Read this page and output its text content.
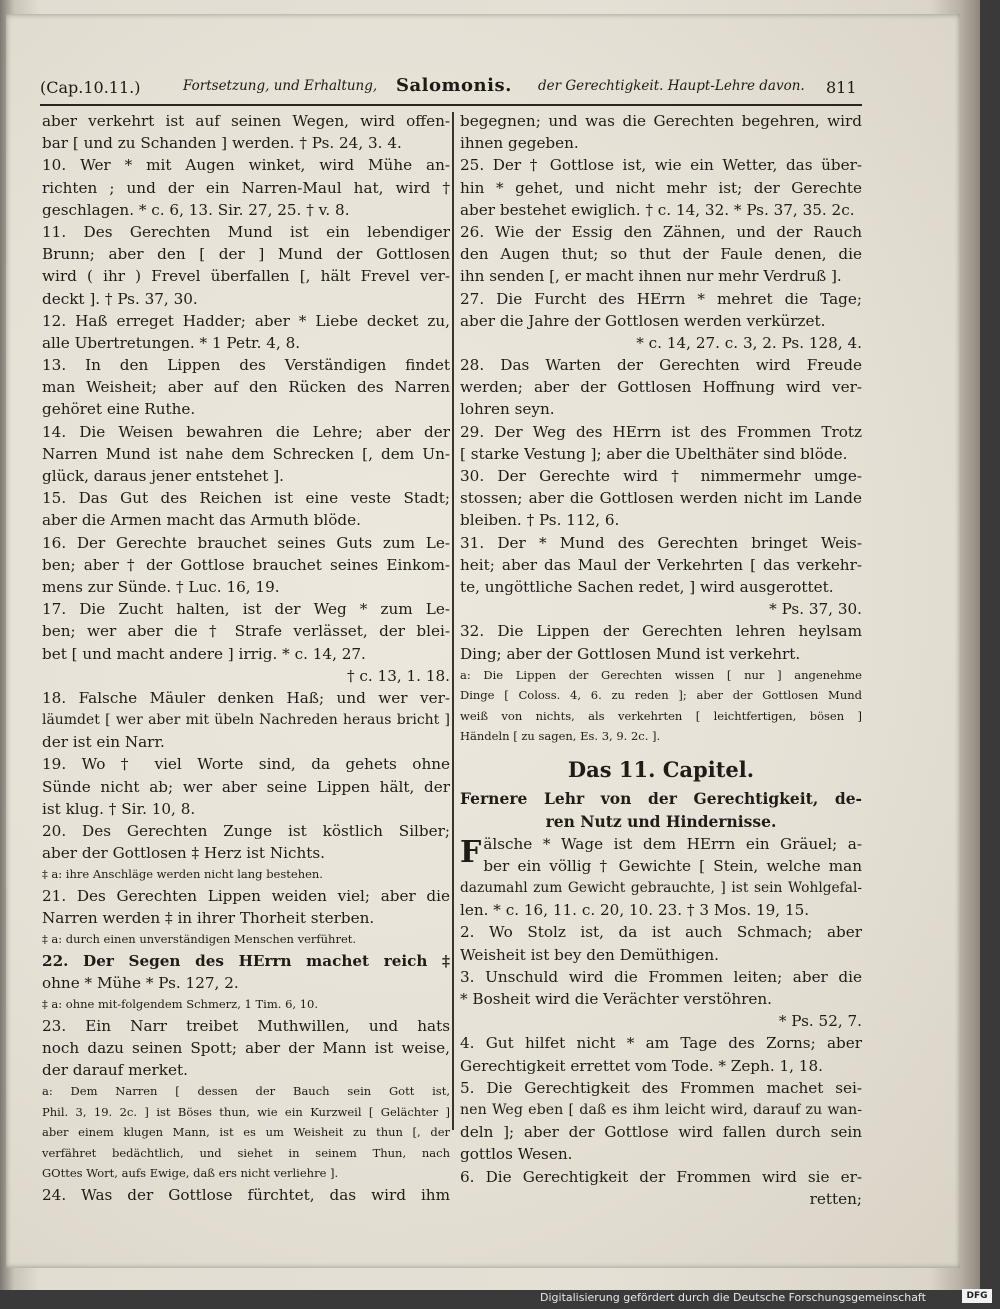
(Cap.10.11.)	Fortsetzung, und Erhaltung, Salomonis. der Gerechtigkeit. Haupt-Lehre davon. 811
aber verkehrt ist auf seinen Wegen, wird offen-
bar [ und zu Schanden ] werden. † Ps. 24, 3. 4.
10. Wer * mit Augen winket, wird Mühe an-
richten ; und der ein Narren-Maul hat, wird †
geschlagen. * c. 6, 13. Sir. 27, 25. † v. 8.
11. Des Gerechten Mund ist ein lebendiger
Brunn; aber den [ der ] Mund der Gottlosen
wird ( ihr ) Frevel überfallen [, hält Frevel ver-
deckt ]. † Ps. 37, 30.
12. Haß erreget Hadder; aber * Liebe decket zu,
alle Ubertretungen. * 1 Petr. 4, 8.
13. In den Lippen des Verständigen findet
man Weisheit; aber auf den Rücken des Narren
gehöret eine Ruthe.
14. Die Weisen bewahren die Lehre; aber der
Narren Mund ist nahe dem Schrecken [, dem Un-
glück, daraus jener entstehet ].
15. Das Gut des Reichen ist eine veste Stadt;
aber die Armen macht das Armuth blöde.
16. Der Gerechte brauchet seines Guts zum Le-
ben; aber † der Gottlose brauchet seines Einkom-
mens zur Sünde. † Luc. 16, 19.
17. Die Zucht halten, ist der Weg * zum Le-
ben; wer aber die † Strafe verlässet, der blei-
bet [ und macht andere ] irrig. * c. 14, 27.
† c. 13, 1. 18.
18. Falsche Mäuler denken Haß; und wer ver-
läumdet [ wer aber mit übeln Nachreden heraus bricht ]
der ist ein Narr.
19. Wo † viel Worte sind, da gehets ohne
Sünde nicht ab; wer aber seine Lippen hält, der
ist klug. † Sir. 10, 8.
20. Des Gerechten Zunge ist köstlich Silber;
aber der Gottlosen ‡ Herz ist Nichts.
‡ a: ihre Anschläge werden nicht lang bestehen.
21. Des Gerechten Lippen weiden viel; aber die
Narren werden ‡ in ihrer Thorheit sterben.
‡ a: durch einen unverständigen Menschen verführet.
22. Der Segen des HErrn machet reich ‡
ohne * Mühe * Ps. 127, 2.
‡ a: ohne mit-folgendem Schmerz, 1 Tim. 6, 10.
23. Ein Narr treibet Muthwillen, und hats
noch dazu seinen Spott; aber der Mann ist weise,
der darauf merket.
a: Dem Narren [ dessen der Bauch sein Gott ist,
Phil. 3, 19. 2c. ] ist Böses thun, wie ein Kurzweil [ Gelächter ]
aber einem klugen Mann, ist es um Weisheit zu thun [, der
verfähret bedächtlich, und siehet in seinem Thun, nach
GOttes Wort, aufs Ewige, daß ers nicht verliehre ].
24. Was der Gottlose fürchtet, das wird ihm
begegnen; und was die Gerechten begehren, wird
ihnen gegeben.
25. Der † Gottlose ist, wie ein Wetter, das über-
hin * gehet, und nicht mehr ist; der Gerechte
aber bestehet ewiglich. † c. 14, 32. * Ps. 37, 35. 2c.
26. Wie der Essig den Zähnen, und der Rauch
den Augen thut; so thut der Faule denen, die
ihn senden [, er macht ihnen nur mehr Verdruß ].
27. Die Furcht des HErrn * mehret die Tage;
aber die Jahre der Gottlosen werden verkürzet.
* c. 14, 27. c. 3, 2. Ps. 128, 4.
28. Das Warten der Gerechten wird Freude
werden; aber der Gottlosen Hoffnung wird ver-
lohren seyn.
29. Der Weg des HErrn ist des Frommen Trotz
[ starke Vestung ]; aber die Ubelthäter sind blöde.
30. Der Gerechte wird † nimmermehr umge-
stossen; aber die Gottlosen werden nicht im Lande
bleiben. † Ps. 112, 6.
31. Der * Mund des Gerechten bringet Weis-
heit; aber das Maul der Verkehrten [ das verkehr-
te, ungöttliche Sachen redet, ] wird ausgerottet.
* Ps. 37, 30.
32. Die Lippen der Gerechten lehren heylsam
Ding; aber der Gottlosen Mund ist verkehrt.
a: Die Lippen der Gerechten wissen [ nur ] angenehme
Dinge [ Coloss. 4, 6. zu reden ]; aber der Gottlosen Mund
weiß von nichts, als verkehrten [ leichtfertigen, bösen ]
Händeln [ zu sagen, Es. 3, 9. 2c. ].
Das 11. Capitel.
Fernere Lehr von der Gerechtigkeit, de-
ren Nutz und Hindernisse.
F älsche * Wage ist dem HErrn ein Gräuel; a-
ber ein völlig † Gewichte [ Stein, welche man
dazumahl zum Gewicht gebrauchte, ] ist sein Wohlgefal-
len. * c. 16, 11. c. 20, 10. 23. † 3 Mos. 19, 15.
2. Wo Stolz ist, da ist auch Schmach; aber
Weisheit ist bey den Demüthigen.
3. Unschuld wird die Frommen leiten; aber die
* Bosheit wird die Verächter verstöhren.
* Ps. 52, 7.
4. Gut hilfet nicht * am Tage des Zorns; aber
Gerechtigkeit errettet vom Tode. * Zeph. 1, 18.
5. Die Gerechtigkeit des Frommen machet sei-
nen Weg eben [ daß es ihm leicht wird, darauf zu wan-
deln ]; aber der Gottlose wird fallen durch sein
gottlos Wesen.
6. Die Gerechtigkeit der Frommen wird sie er-
retten;
Digitalisierung gefördert durch die Deutsche Forschungsgemeinschaft	DFG
